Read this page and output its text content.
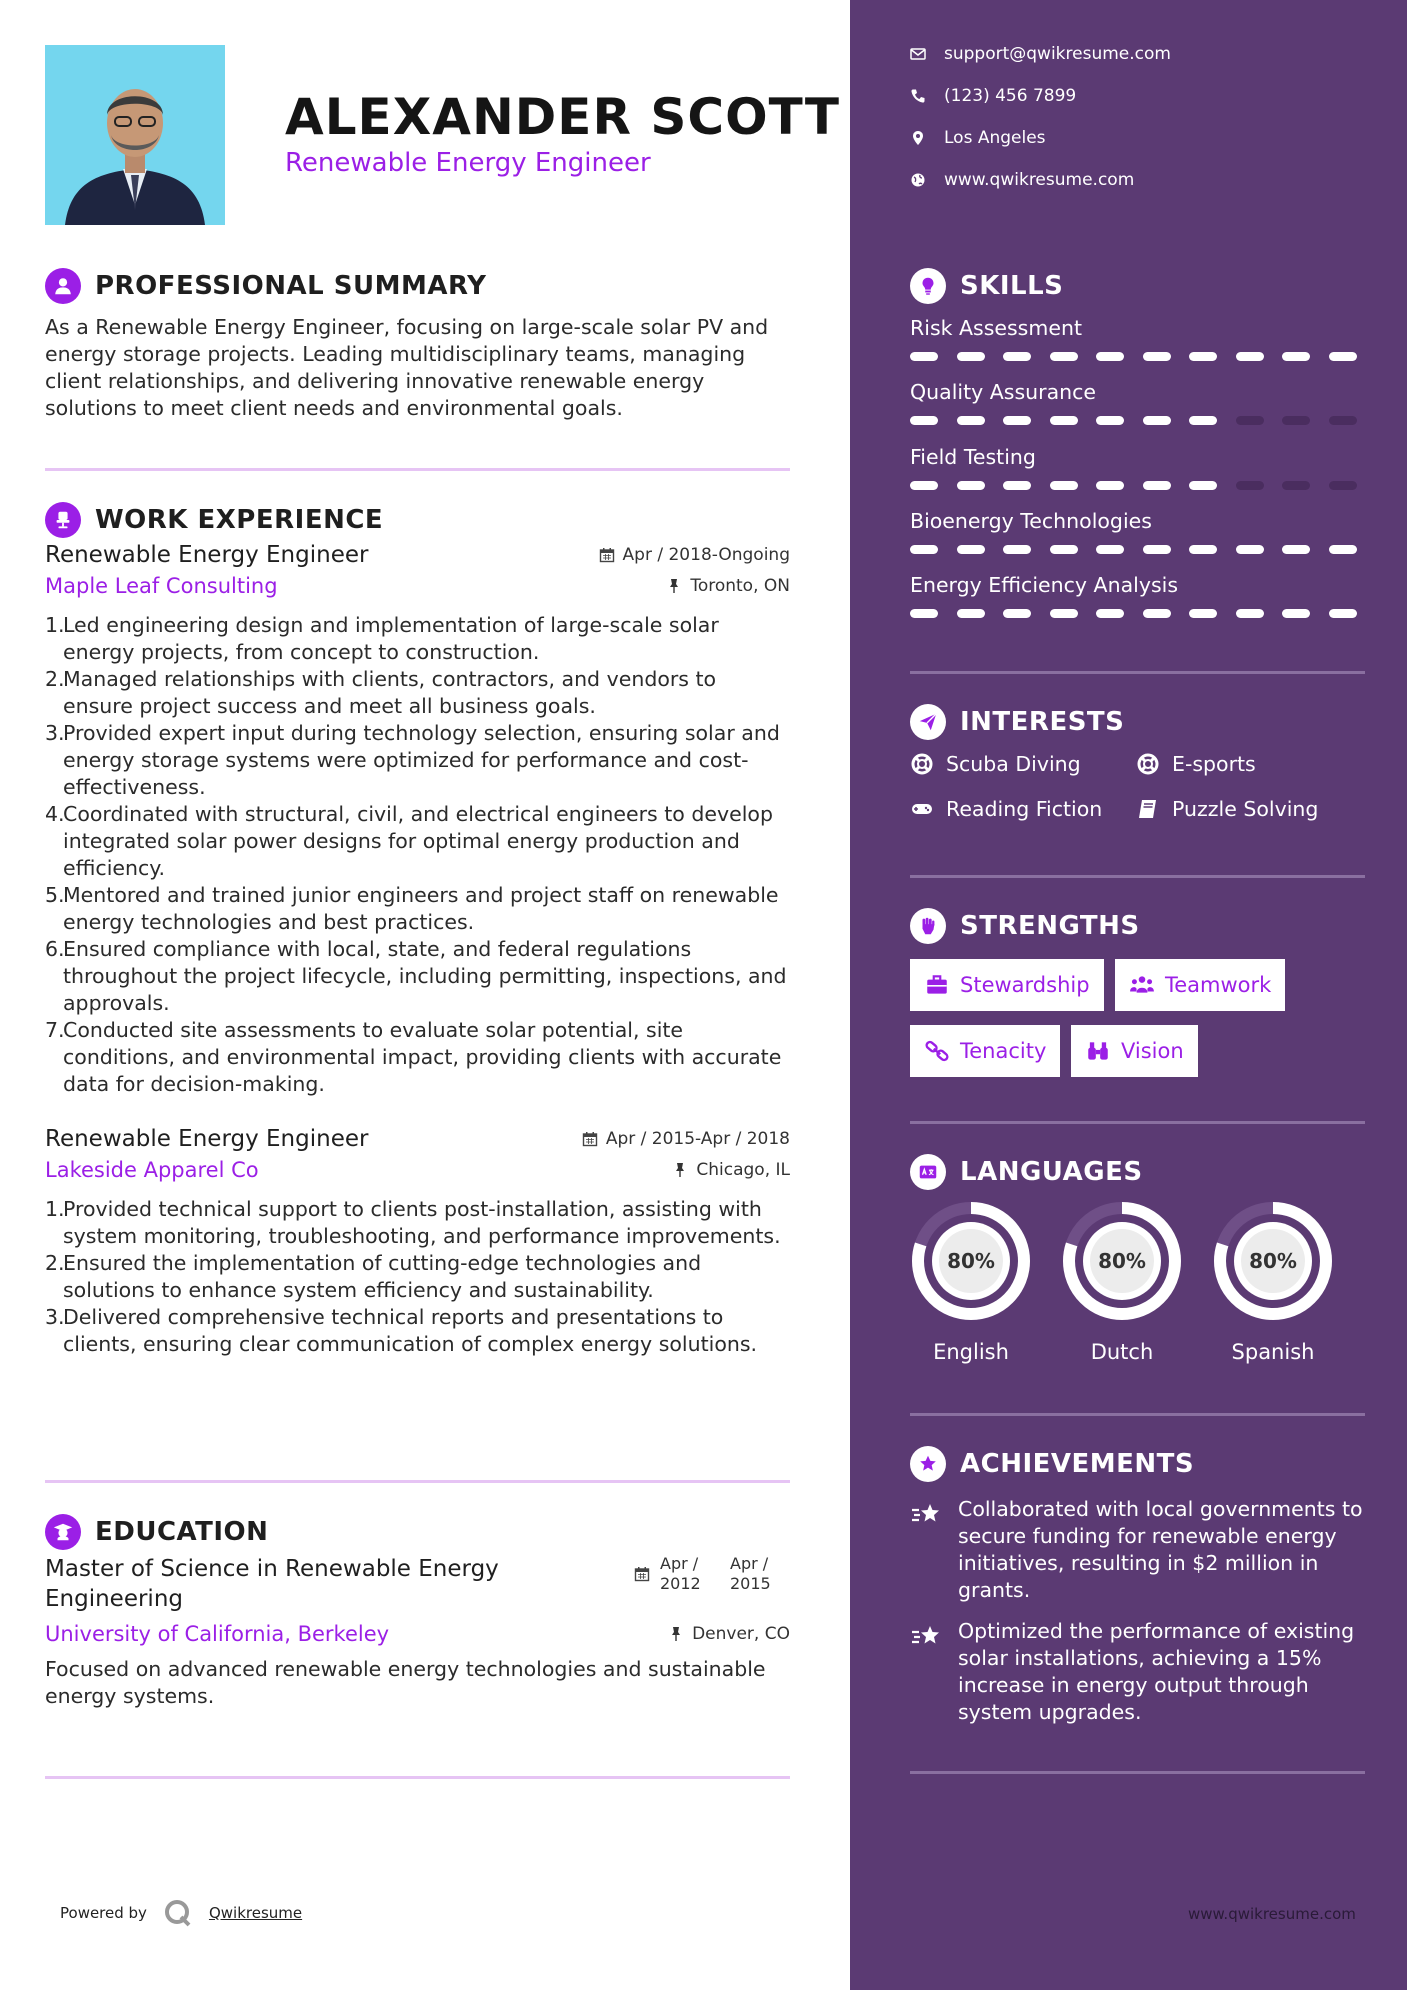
ALEXANDER SCOTT
Renewable Energy Engineer
PROFESSIONAL SUMMARY
As a Renewable Energy Engineer, focusing on large-scale solar PV and energy storage projects. Leading multidisciplinary teams, managing client relationships, and delivering innovative renewable energy solutions to meet client needs and environmental goals.
WORK EXPERIENCE
Renewable Energy Engineer	Apr / 2018-Ongoing
Maple Leaf Consulting	Toronto, ON
1.
Led engineering design and implementation of large-scale solar energy projects, from concept to construction.
2.
Managed relationships with clients, contractors, and vendors to ensure project success and meet all business goals.
3.
Provided expert input during technology selection, ensuring solar and energy storage systems were optimized for performance and cost-effectiveness.
4.
Coordinated with structural, civil, and electrical engineers to develop integrated solar power designs for optimal energy production and efficiency.
5.
Mentored and trained junior engineers and project staff on renewable energy technologies and best practices.
6.
Ensured compliance with local, state, and federal regulations throughout the project lifecycle, including permitting, inspections, and approvals.
7.
Conducted site assessments to evaluate solar potential, site conditions, and environmental impact, providing clients with accurate data for decision-making.
Renewable Energy Engineer	Apr / 2015-Apr / 2018
Lakeside Apparel Co	Chicago, IL
1.
Provided technical support to clients post-installation, assisting with system monitoring, troubleshooting, and performance improvements.
2.
Ensured the implementation of cutting-edge technologies and solutions to enhance system efficiency and sustainability.
3.
Delivered comprehensive technical reports and presentations to clients, ensuring clear communication of complex energy solutions.
EDUCATION
Master of Science in Renewable Energy Engineering
Apr / 2012
Apr / 2015
University of California, Berkeley	Denver, CO
Focused on advanced renewable energy technologies and sustainable energy systems.
Powered by	Qwikresume
support@qwikresume.com
(123) 456 7899
Los Angeles
www.qwikresume.com
SKILLS
Risk Assessment
Quality Assurance
Field Testing
Bioenergy Technologies
Energy Efficiency Analysis
INTERESTS
Scuba Diving	E-sports
Reading Fiction	Puzzle Solving
STRENGTHS
Stewardship	Teamwork
Tenacity	Vision
LANGUAGES
80%
English
80%
Dutch
80%
Spanish
ACHIEVEMENTS
Collaborated with local governments to secure funding for renewable energy initiatives, resulting in $2 million in grants.
Optimized the performance of existing solar installations, achieving a 15% increase in energy output through system upgrades.
www.qwikresume.com
